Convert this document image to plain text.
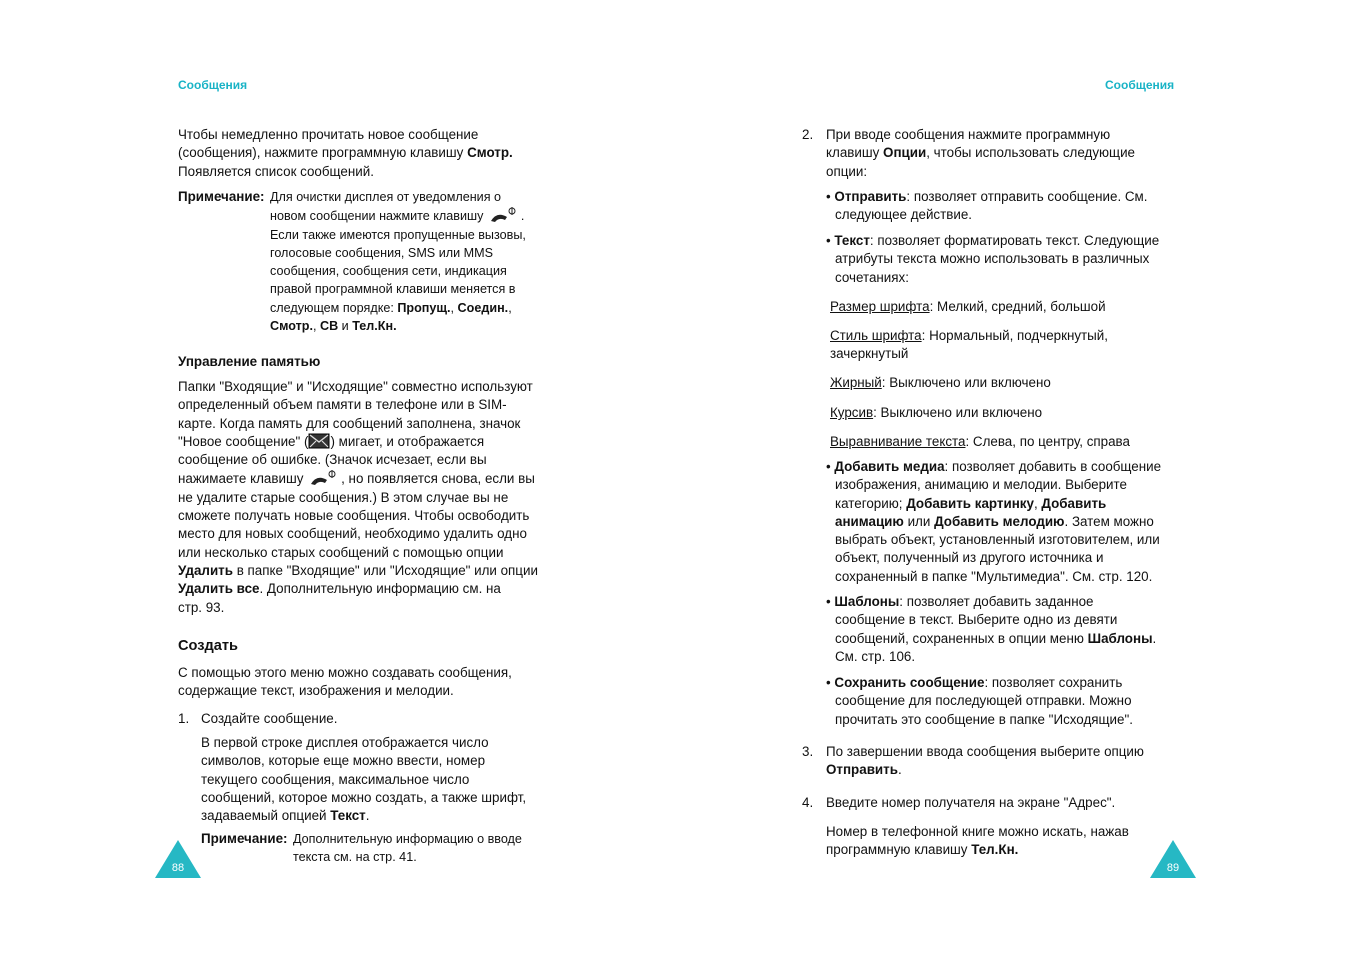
Сообщения
Чтобы немедленно прочитать новое сообщение
(сообщения), нажмите программную клавишу Смотр.
Появляется список сообщений.
Примечание: Для очистки дисплея от уведомления о
новом сообщении нажмите клавишу	.
Если также имеются пропущенные вызовы,
голосовые сообщения, SMS или MMS
сообщения, сообщения сети, индикация
правой программной клавиши меняется в
следующем порядке: Пропущ., Соедин.,
Смотр., СВ и Тел.Кн.
Управление памятью
Папки "Входящие" и "Исходящие" совместно используют
определенный объем памяти в телефоне или в SIM-
карте. Когда память для сообщений заполнена, значок
"Новое сообщение" ( ) мигает, и отображается
сообщение об ошибке. (Значок исчезает, если вы
нажимаете клавишу	, но появляется снова, если вы
не удалите старые сообщения.) В этом случае вы не
сможете получать новые сообщения. Чтобы освободить
место для новых сообщений, необходимо удалить одно
или несколько старых сообщений с помощью опции
Удалить в папке "Входящие" или "Исходящие" или опции
Удалить все. Дополнительную информацию см. на
стр. 93.
Создать
С помощью этого меню можно создавать сообщения,
содержащие текст, изображения и мелодии.
1. Создайте сообщение.
В первой строке дисплея отображается число
символов, которые еще можно ввести, номер
текущего сообщения, максимальное число
сообщений, которое можно создать, а также шрифт,
задаваемый опцией Текст.
Примечание: Дополнительную информацию о вводе
текста см. на стр. 41.
88
Сообщения
2. При вводе сообщения нажмите программную
клавишу Опции, чтобы использовать следующие
опции:
• Отправить: позволяет отправить сообщение. См.
следующее действие.
• Текст: позволяет форматировать текст. Следующие
атрибуты текста можно использовать в различных
сочетаниях:
Размер шрифта: Мелкий, средний, большой
Стиль шрифта: Нормальный, подчеркнутый,
зачеркнутый
Жирный: Выключено или включено
Курсив: Выключено или включено
Выравнивание текста: Слева, по центру, справа
• Добавить медиа: позволяет добавить в сообщение
изображения, анимацию и мелодии. Выберите
категорию; Добавить картинку, Добавить
анимацию или Добавить мелодию. Затем можно
выбрать объект, установленный изготовителем, или
объект, полученный из другого источника и
сохраненный в папке "Мультимедиа". См. стр. 120.
• Шаблоны: позволяет добавить заданное
сообщение в текст. Выберите одно из девяти
сообщений, сохраненных в опции меню Шаблоны.
См. стр. 106.
• Сохранить сообщение: позволяет сохранить
сообщение для последующей отправки. Можно
прочитать это сообщение в папке "Исходящие".
3. По завершении ввода сообщения выберите опцию
Отправить.
4. Введите номер получателя на экране "Адрес".
Номер в телефонной книге можно искать, нажав
программную клавишу Тел.Кн.
89
